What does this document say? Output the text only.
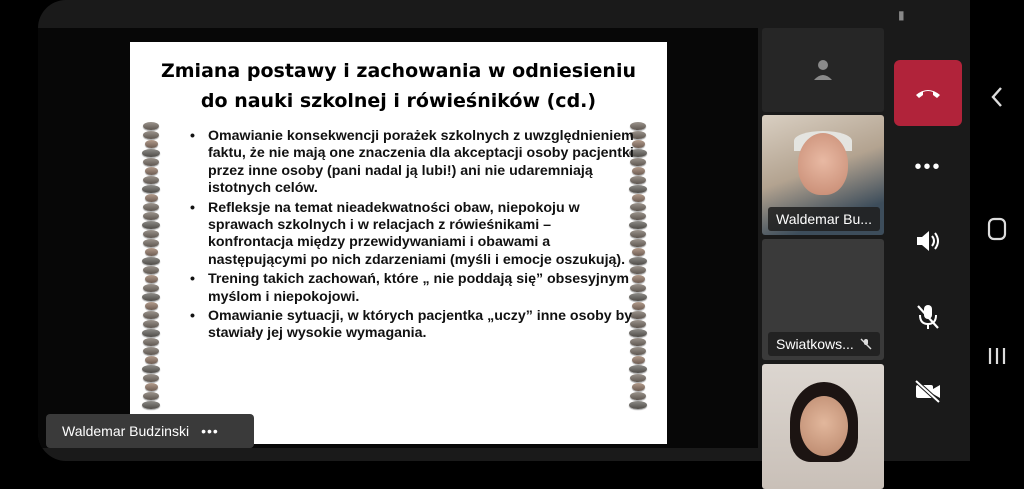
Zmiana postawy i zachowania w odniesieniu do nauki szkolnej i rówieśników (cd.)
• Omawianie konsekwencji porażek szkolnych z uwzględnieniem faktu, że nie mają one znaczenia dla akceptacji osoby pacjentki przez inne osoby (pani nadal ją lubi!) ani nie udaremniają istotnych celów.
• Refleksje na temat nieadekwatności obaw, niepokoju w sprawach szkolnych i w relacjach z rówieśnikami – konfrontacja między przewidywaniami i obawami a następującymi po nich zdarzeniami (myśli i emocje oszukują).
• Trening takich zachowań, które „ nie poddają się” obsesyjnym myślom i niepokojowi.
• Omawianie sytuacji, w których pacjentka „uczy” inne osoby by stawiały jej wysokie wymagania.
Waldemar Budzinski •••
▮
Waldemar Bu...
Swiatkows...
•••
